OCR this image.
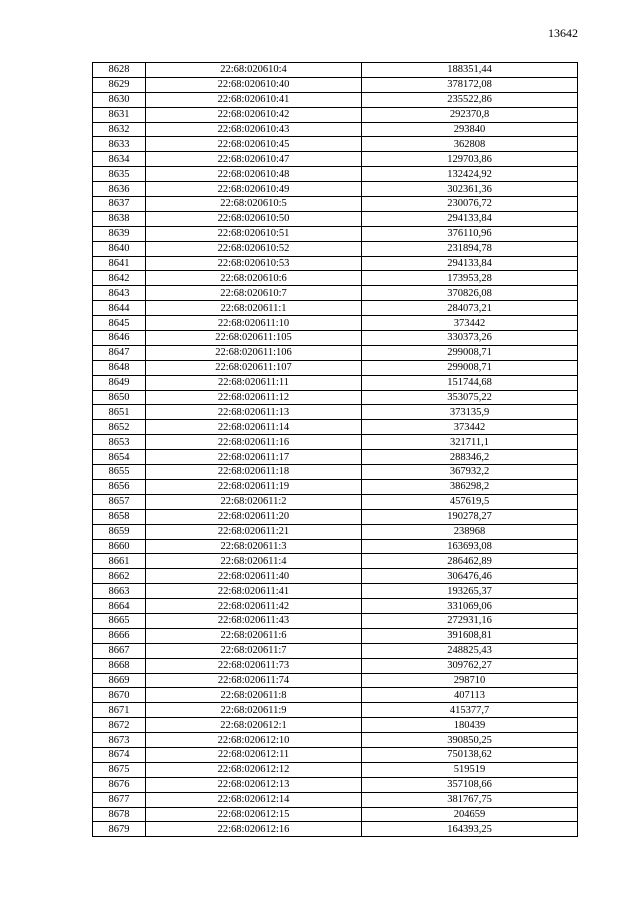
13642
8628	22:68:020610:4	188351,44
8629	22:68:020610:40	378172,08
8630	22:68:020610:41	235522,86
8631	22:68:020610:42	292370,8
8632	22:68:020610:43	293840
8633	22:68:020610:45	362808
8634	22:68:020610:47	129703,86
8635	22:68:020610:48	132424,92
8636	22:68:020610:49	302361,36
8637	22:68:020610:5	230076,72
8638	22:68:020610:50	294133,84
8639	22:68:020610:51	376110,96
8640	22:68:020610:52	231894,78
8641	22:68:020610:53	294133,84
8642	22:68:020610:6	173953,28
8643	22:68:020610:7	370826,08
8644	22:68:020611:1	284073,21
8645	22:68:020611:10	373442
8646	22:68:020611:105	330373,26
8647	22:68:020611:106	299008,71
8648	22:68:020611:107	299008,71
8649	22:68:020611:11	151744,68
8650	22:68:020611:12	353075,22
8651	22:68:020611:13	373135,9
8652	22:68:020611:14	373442
8653	22:68:020611:16	321711,1
8654	22:68:020611:17	288346,2
8655	22:68:020611:18	367932,2
8656	22:68:020611:19	386298,2
8657	22:68:020611:2	457619,5
8658	22:68:020611:20	190278,27
8659	22:68:020611:21	238968
8660	22:68:020611:3	163693,08
8661	22:68:020611:4	286462,89
8662	22:68:020611:40	306476,46
8663	22:68:020611:41	193265,37
8664	22:68:020611:42	331069,06
8665	22:68:020611:43	272931,16
8666	22:68:020611:6	391608,81
8667	22:68:020611:7	248825,43
8668	22:68:020611:73	309762,27
8669	22:68:020611:74	298710
8670	22:68:020611:8	407113
8671	22:68:020611:9	415377,7
8672	22:68:020612:1	180439
8673	22:68:020612:10	390850,25
8674	22:68:020612:11	750138,62
8675	22:68:020612:12	519519
8676	22:68:020612:13	357108,66
8677	22:68:020612:14	381767,75
8678	22:68:020612:15	204659
8679	22:68:020612:16	164393,25
